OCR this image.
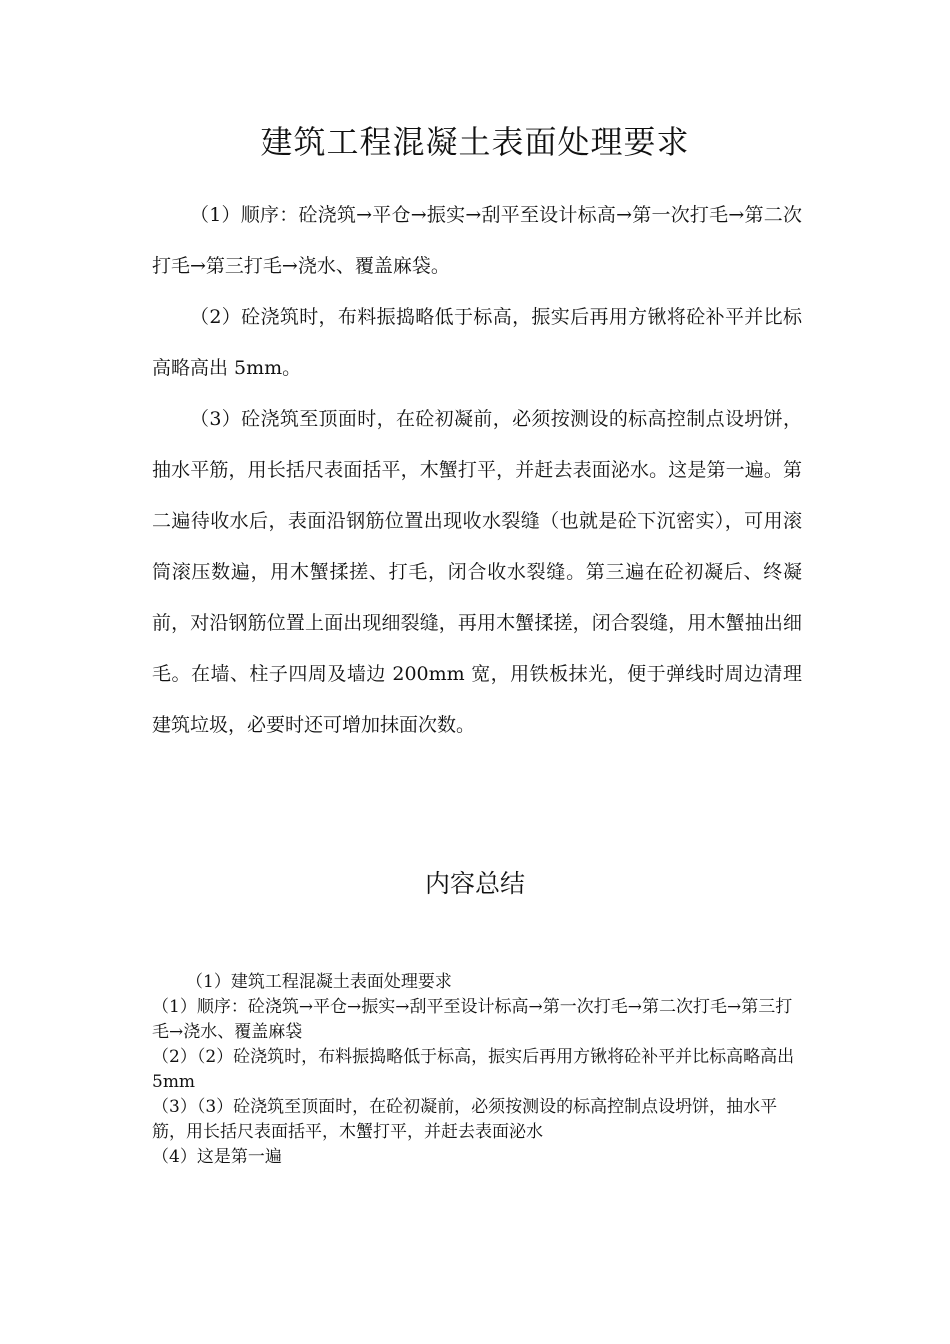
建筑工程混凝土表面处理要求

（1）顺序：砼浇筑→平仓→振实→刮平至设计标高→第一次打毛→第二次打毛→第三打毛→浇水、覆盖麻袋。

（2）砼浇筑时，布料振捣略低于标高，振实后再用方锹将砼补平并比标高略高出 5mm。

（3）砼浇筑至顶面时，在砼初凝前，必须按测设的标高控制点设坍饼，抽水平筋，用长括尺表面括平，木蟹打平，并赶去表面泌水。这是第一遍。第二遍待收水后，表面沿钢筋位置出现收水裂缝（也就是砼下沉密实），可用滚筒滚压数遍，用木蟹揉搓、打毛，闭合收水裂缝。第三遍在砼初凝后、终凝前，对沿钢筋位置上面出现细裂缝，再用木蟹揉搓，闭合裂缝，用木蟹抽出细毛。在墙、柱子四周及墙边 200mm 宽，用铁板抹光，便于弹线时周边清理建筑垃圾，必要时还可增加抹面次数。

内容总结

（1）建筑工程混凝土表面处理要求

（1）顺序：砼浇筑→平仓→振实→刮平至设计标高→第一次打毛→第二次打毛→第三打毛→浇水、覆盖麻袋

（2）（2）砼浇筑时，布料振捣略低于标高，振实后再用方锹将砼补平并比标高略高出 5mm

（3）（3）砼浇筑至顶面时，在砼初凝前，必须按测设的标高控制点设坍饼，抽水平筋，用长括尺表面括平，木蟹打平，并赶去表面泌水

（4）这是第一遍
